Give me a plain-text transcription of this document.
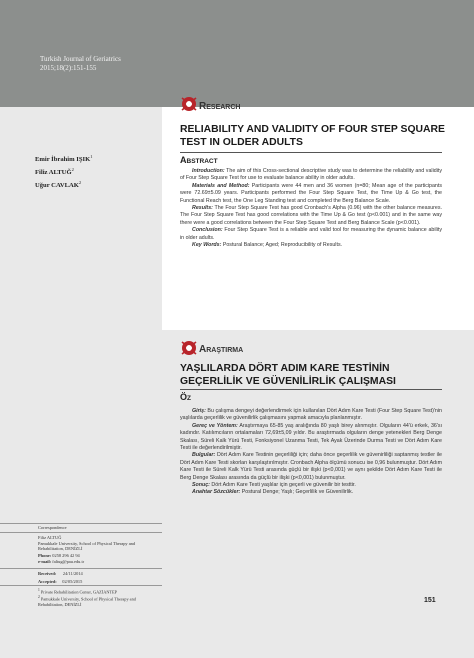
Turkish Journal of Geriatrics
2015;18(2):151-155
Emir İbrahim IŞIK$^1$
Filiz ALTUĞ$^2$
Uğur CAVLAK$^2$
RESEARCH
RELIABILITY AND VALIDITY OF FOUR STEP SQUARE TEST IN OLDER ADULTS
ABSTRACT

Introduction: The aim of this Cross-sectional descriptive study was to determine the reliability and validity of Four Step Square Test for use to evaluate balance ability in older adults.

Materials and Method: Participants were 44 men and 36 women (n=80; Mean age of the participants were 72.69±5.09 years. Participants performed the Four Step Square Test, the Time Up & Go test, the Functional Reach test, the One Leg Standing test and completed the Berg Balance Scale.

Results: The Four Step Square Test has good Cronbach's Alpha (0.96) with the other balance measures. The Four Step Square Test has good correlations with the Time Up & Go test (p<0.001) and in the same way there were a good correlations between the Four Step Square Test and Berg Balance Scale (p<0.001).

Conclusion: Four Step Square Test is a reliable and valid tool for measuring the dynamic balance ability in older adults.

Key Words: Postural Balance; Aged; Reproducibility of Results.

ARAŞTIRMA
YAŞLILARDA DÖRT ADIM KARE TESTİNİN GEÇERLİLİK VE GÜVENİLİRLİK ÇALIŞMASI
ÖZ

Giriş: Bu çalışma dengeyi değerlendirmek için kullanılan Dört Adım Kare Testi (Four Step Square Test)'nin yaşlılarda geçerlilik ve güvenilirlik çalışmasını yapmak amacıyla planlanmıştır.

Gereç ve Yöntem: Araştırmaya 65-85 yaş aralığında 80 yaşlı birey alınmıştır. Olguların 44'ü erkek, 36'sı kadındır. Katılımcıların ortalamaları 72,69±5,09 yıldır. Bu araştırmada olguların denge yetenekleri Berg Denge Skalası, Süreli Kalk Yürü Testi, Fonksiyonel Uzanma Testi, Tek Ayak Üzerinde Durma Testi ve Dört Adım Kare Testi ile değerlendirilmiştir.

Bulgular: Dört Adım Kare Testinin geçerliliği için; daha önce geçerlilik ve güvenirliliği saptanmış testler ile Dört Adım Kare Testi skorları karşılaştırılmıştır. Cronbach Alpha ölçümü sonucu ise 0,96 bulunmuştur. Dört Adım Kare Testi ile Süreli Kalk Yürü Testi arasında güçlü bir ilişki (p<0,001) ve aynı şekilde Dört Adım Kare Testi ile Berg Denge Skalası arasında da güçlü bir ilişki (p<0,001) bulunmuştur.

Sonuç: Dört Adım Kare Testi yaşlılar için geçerli ve güvenilir bir testtir.

Anahtar Sözcükler: Postural Denge; Yaşlı; Geçerlilik ve Güvenilirlik.

Correspondence
Filiz ALTUĞ
Pamukkale University, School of Physical Therapy and Rehabilitation, DENİZLİ
Phone: 0258 296 42 94
e-mail: faltug@pau.edu.tr
Received: 24/11/2014
Accepted: 02/05/2015
$^1$ Private Rehabilitation Center, GAZİANTEP
$^2$ Pamukkale University, School of Physical Therapy and Rehabilitation, DENİZLİ
151
